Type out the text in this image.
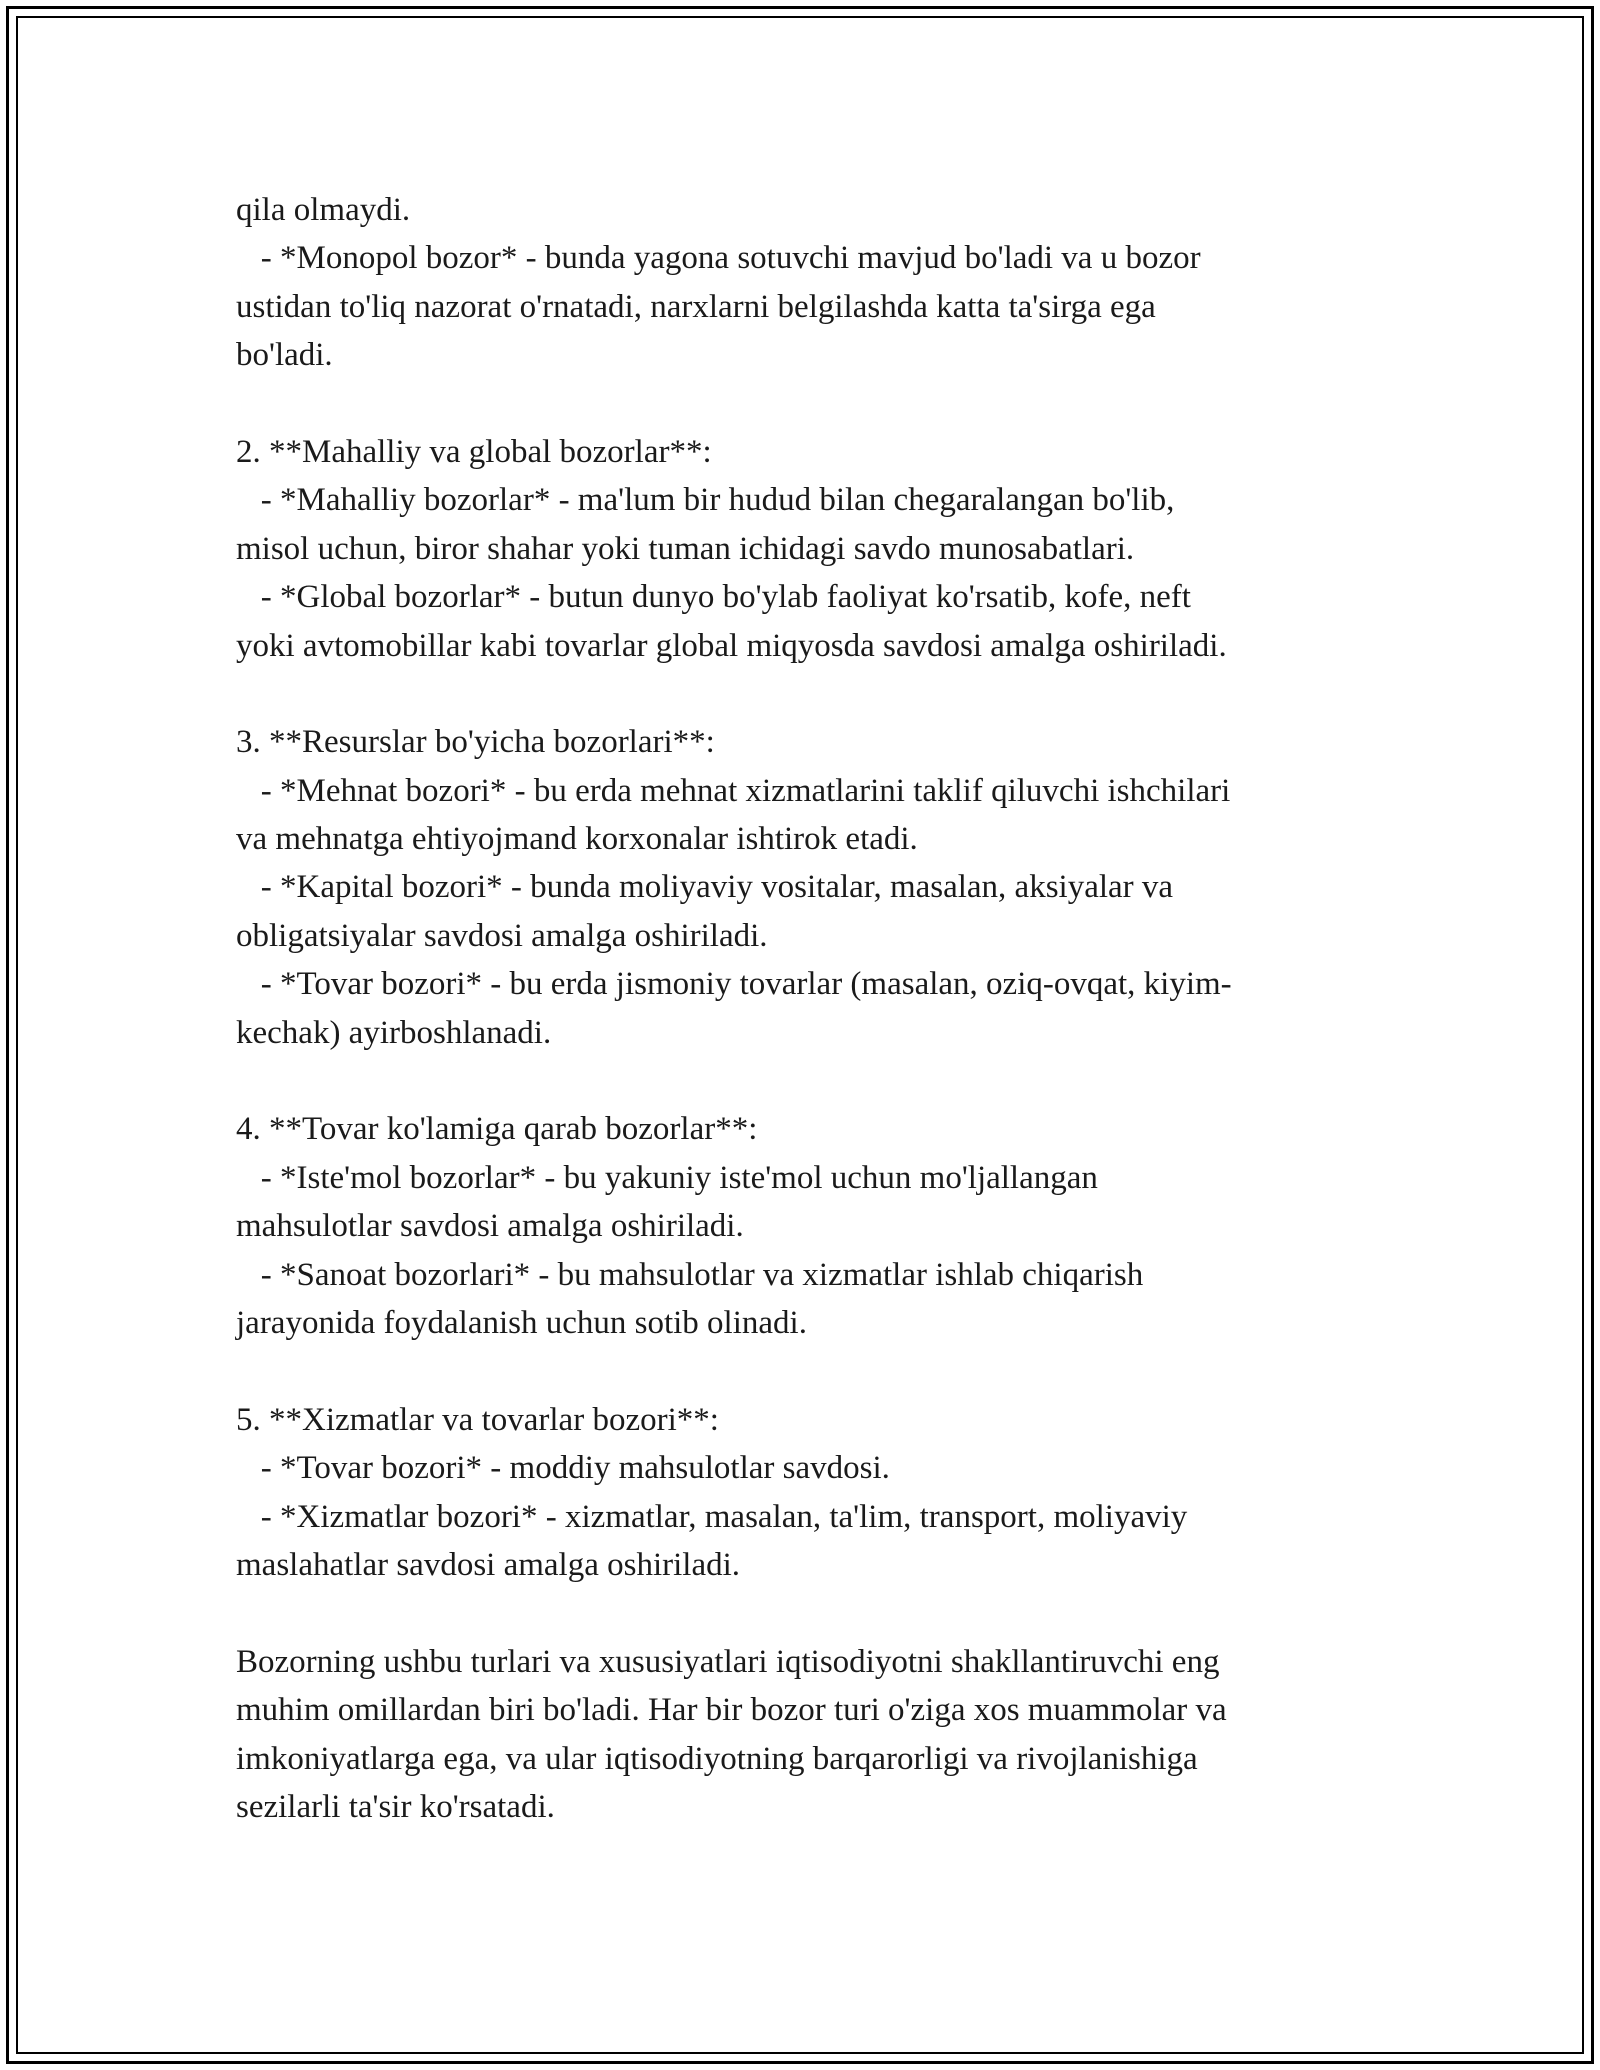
qila olmaydi.
- *Monopol bozor* - bunda yagona sotuvchi mavjud bo'ladi va u bozor
ustidan to'liq nazorat o'rnatadi, narxlarni belgilashda katta ta'sirga ega
bo'ladi.
2. **Mahalliy va global bozorlar**:
- *Mahalliy bozorlar* - ma'lum bir hudud bilan chegaralangan bo'lib,
misol uchun, biror shahar yoki tuman ichidagi savdo munosabatlari.
- *Global bozorlar* - butun dunyo bo'ylab faoliyat ko'rsatib, kofe, neft
yoki avtomobillar kabi tovarlar global miqyosda savdosi amalga oshiriladi.
3. **Resurslar bo'yicha bozorlari**:
- *Mehnat bozori* - bu erda mehnat xizmatlarini taklif qiluvchi ishchilari
va mehnatga ehtiyojmand korxonalar ishtirok etadi.
- *Kapital bozori* - bunda moliyaviy vositalar, masalan, aksiyalar va
obligatsiyalar savdosi amalga oshiriladi.
- *Tovar bozori* - bu erda jismoniy tovarlar (masalan, oziq-ovqat, kiyim-
kechak) ayirboshlanadi.
4. **Tovar ko'lamiga qarab bozorlar**:
- *Iste'mol bozorlar* - bu yakuniy iste'mol uchun mo'ljallangan
mahsulotlar savdosi amalga oshiriladi.
- *Sanoat bozorlari* - bu mahsulotlar va xizmatlar ishlab chiqarish
jarayonida foydalanish uchun sotib olinadi.
5. **Xizmatlar va tovarlar bozori**:
- *Tovar bozori* - moddiy mahsulotlar savdosi.
- *Xizmatlar bozori* - xizmatlar, masalan, ta'lim, transport, moliyaviy
maslahatlar savdosi amalga oshiriladi.
Bozorning ushbu turlari va xususiyatlari iqtisodiyotni shakllantiruvchi eng
muhim omillardan biri bo'ladi. Har bir bozor turi o'ziga xos muammolar va
imkoniyatlarga ega, va ular iqtisodiyotning barqarorligi va rivojlanishiga
sezilarli ta'sir ko'rsatadi.
